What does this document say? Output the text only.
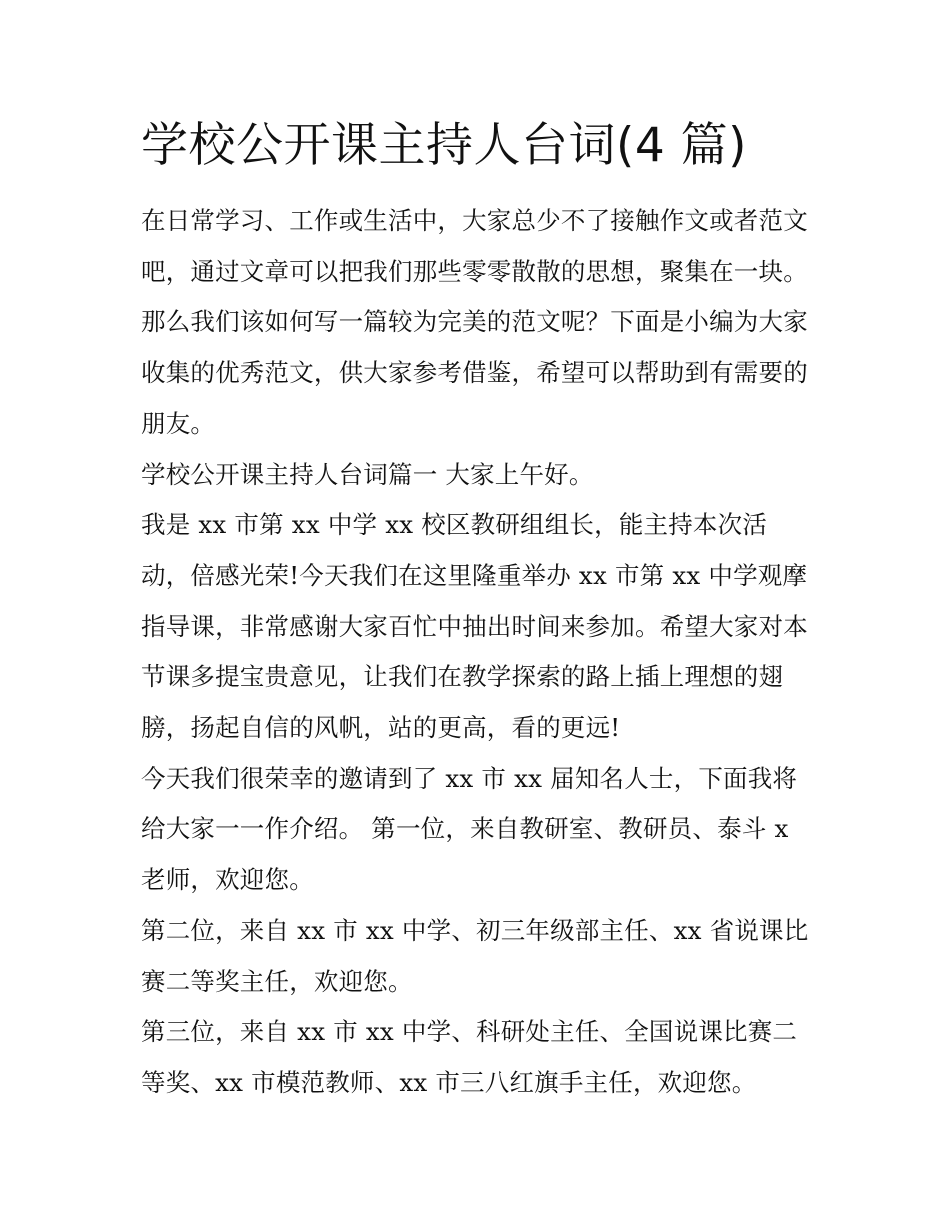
学校公开课主持人台词(4 篇)

在日常学习、工作或生活中，大家总少不了接触作文或者范文吧，通过文章可以把我们那些零零散散的思想，聚集在一块。那么我们该如何写一篇较为完美的范文呢？下面是小编为大家收集的优秀范文，供大家参考借鉴，希望可以帮助到有需要的朋友。

学校公开课主持人台词篇一 大家上午好。

我是 xx 市第 xx 中学 xx 校区教研组组长，能主持本次活动，倍感光荣!今天我们在这里隆重举办 xx 市第 xx 中学观摩指导课，非常感谢大家百忙中抽出时间来参加。希望大家对本节课多提宝贵意见，让我们在教学探索的路上插上理想的翅膀，扬起自信的风帆，站的更高，看的更远!

今天我们很荣幸的邀请到了 xx 市 xx 届知名人士，下面我将给大家一一作介绍。 第一位，来自教研室、教研员、泰斗 x 老师，欢迎您。

第二位，来自 xx 市 xx 中学、初三年级部主任、xx 省说课比赛二等奖主任，欢迎您。

第三位，来自 xx 市 xx 中学、科研处主任、全国说课比赛二等奖、xx 市模范教师、xx 市三八红旗手主任，欢迎您。
